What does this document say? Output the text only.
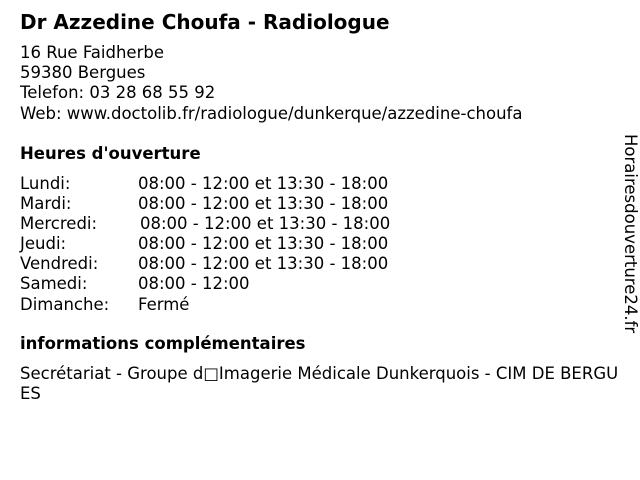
Dr Azzedine Choufa - Radiologue
16 Rue Faidherbe
59380 Bergues
Telefon: 03 28 68 55 92
Web: www.doctolib.fr/radiologue/dunkerque/azzedine-choufa
Heures d'ouverture
Lundi:	08:00 - 12:00 et 13:30 - 18:00
Mardi:	08:00 - 12:00 et 13:30 - 18:00
Mercredi:	08:00 - 12:00 et 13:30 - 18:00
Jeudi:	08:00 - 12:00 et 13:30 - 18:00
Vendredi: 08:00 - 12:00 et 13:30 - 18:00
Samedi:	08:00 - 12:00
Dimanche: Fermé
informations complémentaires
Secrétariat - Groupe d□Imagerie Médicale Dunkerquois - CIM DE BERGUES
Horairesdouverture24.fr
